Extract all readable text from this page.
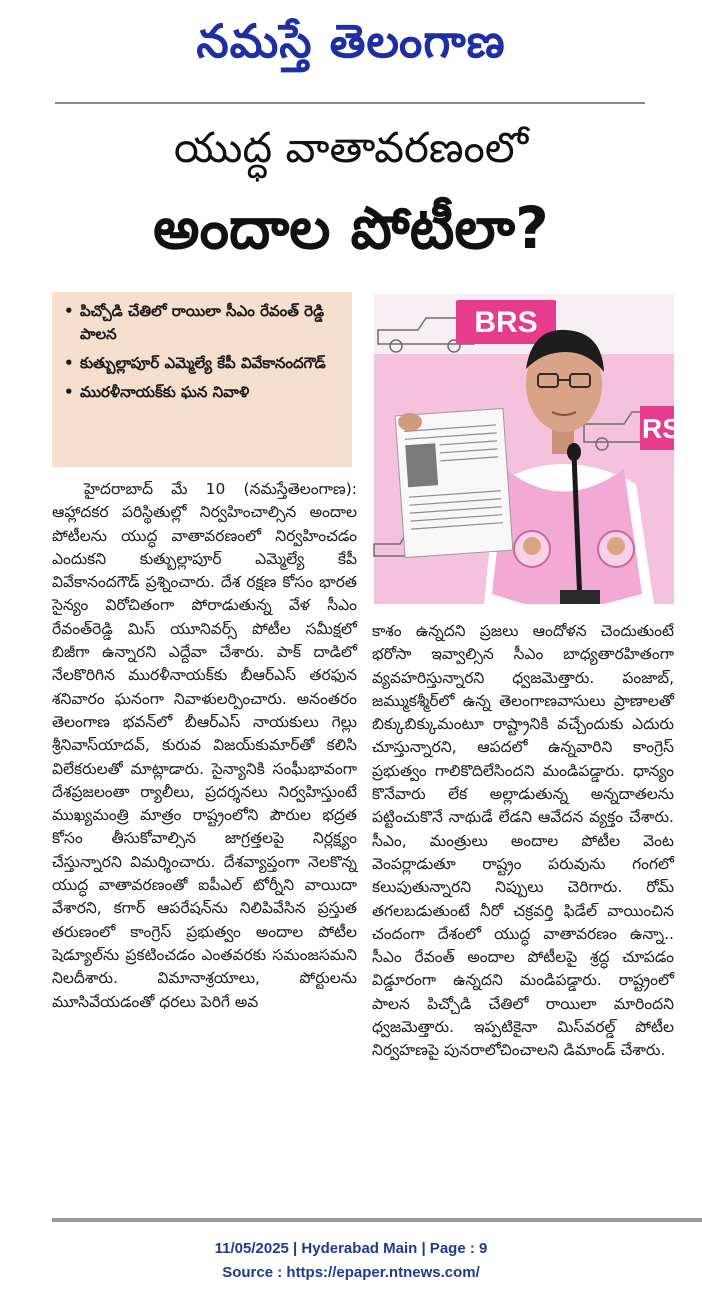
నమస్తే తెలంగాణ
యుద్ధ వాతావరణంలో
అందాల పోటీలా?
• పిచ్చోడి చేతిలో రాయిలా సీఎం రేవంత్‌ రెడ్డి పాలన
• కుత్బుల్లాపూర్‌ ఎమ్మెల్యే కేపీ వివేకానందగౌడ్‌
• మురళీనాయక్‌కు ఘన నివాళి
BRS
RS
హైదరాబాద్‌ మే 10 (నమస్తేతెలంగాణ): ఆహ్లాదకర పరిస్థితుల్లో నిర్వహించాల్సిన అందాల పోటీలను యుద్ధ వాతావరణంలో నిర్వహించడం ఎందుకని కుత్బుల్లాపూర్‌ ఎమ్మెల్యే కేపీ వివేకానందగౌడ్‌ ప్రశ్నించారు. దేశ రక్షణ కోసం భారత సైన్యం విరోచితంగా పోరాడుతున్న వేళ సీఎం రేవంత్‌రెడ్డి మిస్‌ యూనివర్స్‌ పోటీల సమీక్షలో బిజీగా ఉన్నారని ఎద్దేవా చేశారు. పాక్‌ దాడిలో నేలకొరిగిన మురళీనాయక్‌కు బీఆర్‌ఎస్‌ తరఫున శనివారం ఘనంగా నివాళులర్పించారు. అనంతరం తెలంగాణ భవన్‌లో బీఆర్‌ఎస్‌ నాయకులు గెల్లు శ్రీనివాస్‌యాదవ్‌, కురువ విజయ్‌కుమార్‌తో కలిసి విలేకరులతో మాట్లాడారు. సైన్యానికి సంఘీభావంగా దేశప్రజలంతా ర్యాలీలు, ప్రదర్శనలు నిర్వహిస్తుంటే ముఖ్యమంత్రి మాత్రం రాష్ట్రంలోని పౌరుల భద్రత కోసం తీసుకోవాల్సిన జాగ్రత్తలపై నిర్లక్ష్యం చేస్తున్నారని విమర్శించారు. దేశవ్యాప్తంగా నెలకొన్న యుద్ధ వాతావరణంతో ఐపీఎల్‌ టోర్నీని వాయిదా వేశారని, కగార్‌ ఆపరేషన్‌ను నిలిపివేసిన ప్రస్తుత తరుణంలో కాంగ్రెస్‌ ప్రభుత్వం అందాల పోటీల షెడ్యూల్‌ను ప్రకటించడం ఎంతవరకు సమంజసమని నిలదీశారు. విమానాశ్రయాలు, పోర్టులను మూసివేయడంతో ధరలు పెరిగే అవ
కాశం ఉన్నదని ప్రజలు ఆందోళన చెందుతుంటే భరోసా ఇవ్వాల్సిన సీఎం బాధ్యతారహితంగా వ్యవహరిస్తున్నారని ధ్వజమెత్తారు. పంజాబ్‌, జమ్ముకశ్మీర్‌లో ఉన్న తెలంగాణవాసులు ప్రాణాలతో బిక్కుబిక్కుమంటూ రాష్ట్రానికి వచ్చేందుకు ఎదురు చూస్తున్నారని, ఆపదలో ఉన్నవారిని కాంగ్రెస్‌ ప్రభుత్వం గాలికొదిలేసిందని మండిపడ్డారు. ధాన్యం కొనేవారు లేక అల్లాడుతున్న అన్నదాతలను పట్టించుకొనే నాథుడే లేడని ఆవేదన వ్యక్తం చేశారు. సీఎం, మంత్రులు అందాల పోటీల వెంట వెంపర్లాడుతూ రాష్ట్రం పరువును గంగలో కలుపుతున్నారని నిప్పులు చెరిగారు. రోమ్‌ తగలబడుతుంటే నీరో చక్రవర్తి ఫిడేల్‌ వాయించిన చందంగా దేశంలో యుద్ధ వాతావరణం ఉన్నా.. సీఎం రేవంత్‌ అందాల పోటీలపై శ్రద్ధ చూపడం విడ్డూరంగా ఉన్నదని మండిపడ్డారు. రాష్ట్రంలో పాలన పిచ్చోడి చేతిలో రాయిలా మారిందని ధ్వజమెత్తారు. ఇప్పటికైనా మిస్‌వరల్డ్‌ పోటీల నిర్వహణపై పునరాలోచించాలని డిమాండ్‌ చేశారు.
11/05/2025 | Hyderabad Main | Page : 9
Source : https://epaper.ntnews.com/
